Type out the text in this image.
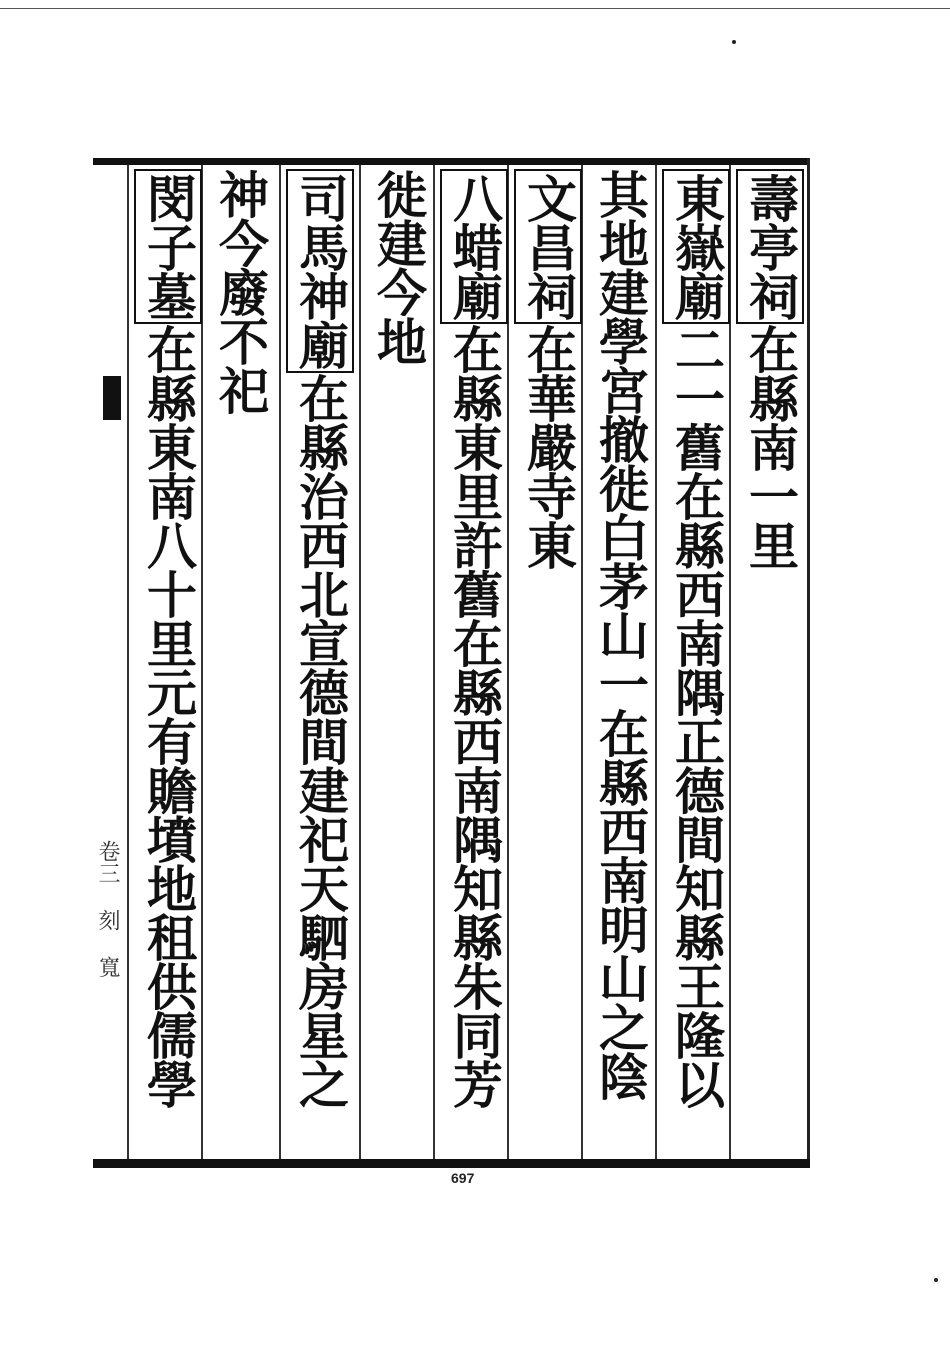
壽亭祠在縣南一里
東嶽廟二一舊在縣西南隅正德間知縣王隆以
其地建學宮撤徙白茅山一在縣西南明山之陰
文昌祠在華嚴寺東
八蜡廟在縣東里許舊在縣西南隅知縣朱同芳
徙建今地
司馬神廟在縣治西北宣德間建祀天駟房星之
神今廢不祀
閔子墓在縣東南八十里元有贍墳地租供儒學
卷三 刻 寬
697
